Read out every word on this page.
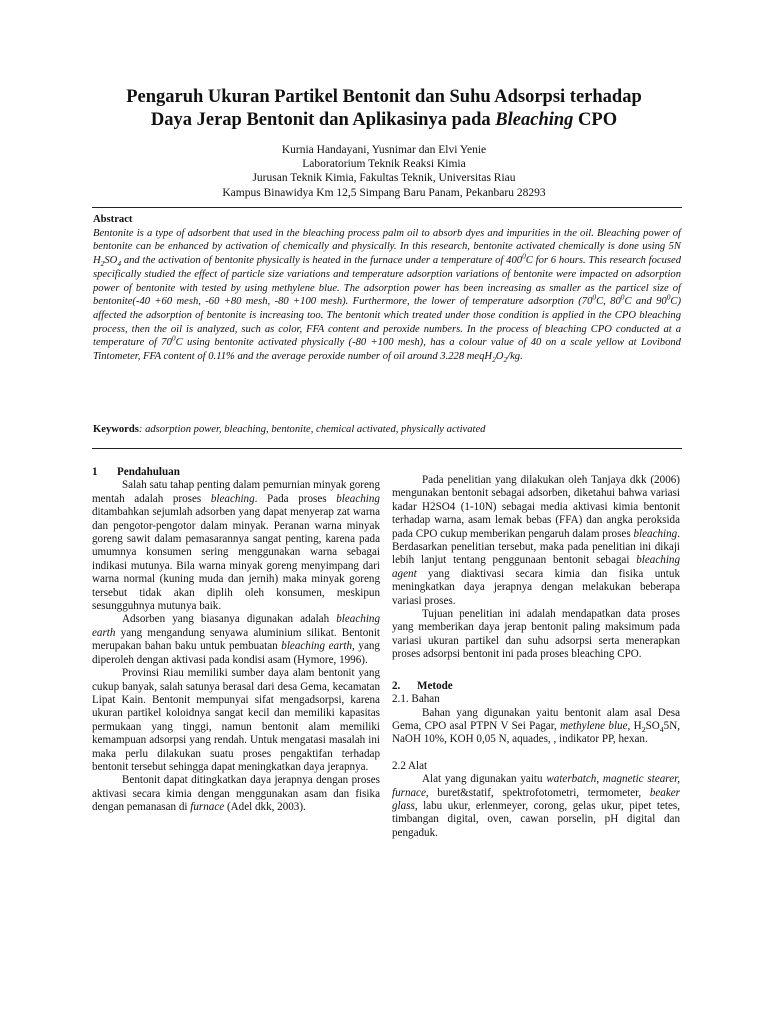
Pengaruh Ukuran Partikel Bentonit dan Suhu Adsorpsi terhadap
Daya Jerap Bentonit dan Aplikasinya pada Bleaching CPO
Kurnia Handayani, Yusnimar dan Elvi Yenie
Laboratorium Teknik Reaksi Kimia
Jurusan Teknik Kimia, Fakultas Teknik, Universitas Riau
Kampus Binawidya Km 12,5 Simpang Baru Panam, Pekanbaru 28293
Abstract
Bentonite is a type of adsorbent that used in the bleaching process palm oil to absorb dyes and impurities in the oil. Bleaching power of bentonite can be enhanced by activation of chemically and physically. In this research, bentonite activated chemically is done using 5N $H_2SO_4$ and the activation of bentonite physically is heated in the furnace under a temperature of $400^0C$ for 6 hours. This research focused specifically studied the effect of particle size variations and temperature adsorption variations of bentonite were impacted on adsorption power of bentonite with tested by using methylene blue. The adsorption power has been increasing as smaller as the particel size of bentonite(-40 +60 mesh, -60 +80 mesh, -80 +100 mesh). Furthermore, the lower of temperature adsorption ($70^0C$, $80^0C$ and $90^0C$) affected the adsorption of bentonite is increasing too. The bentonit which treated under those condition is applied in the CPO bleaching process, then the oil is analyzed, such as color, FFA content and peroxide numbers. In the process of bleaching CPO conducted at a temperature of $70^0C$ using bentonite activated physically (-80 +100 mesh), has a colour value of 40 on a scale yellow at Lovibond Tintometer, FFA content of 0.11% and the average peroxide number of oil around 3.228 $meqH_2O_2/kg$.
Keywords: adsorption power, bleaching, bentonite, chemical activated, physically activated

1 Pendahuluan

Salah satu tahap penting dalam pemurnian minyak goreng mentah adalah proses bleaching. Pada proses bleaching ditambahkan sejumlah adsorben yang dapat menyerap zat warna dan pengotor-pengotor dalam minyak. Peranan warna minyak goreng sawit dalam pemasarannya sangat penting, karena pada umumnya konsumen sering menggunakan warna sebagai indikasi mutunya. Bila warna minyak goreng menyimpang dari warna normal (kuning muda dan jernih) maka minyak goreng tersebut tidak akan diplih oleh konsumen, meskipun sesungguhnya mutunya baik.

Adsorben yang biasanya digunakan adalah bleaching earth yang mengandung senyawa aluminium silikat. Bentonit merupakan bahan baku untuk pembuatan bleaching earth, yang diperoleh dengan aktivasi pada kondisi asam (Hymore, 1996).

Provinsi Riau memiliki sumber daya alam bentonit yang cukup banyak, salah satunya berasal dari desa Gema, kecamatan Lipat Kain. Bentonit mempunyai sifat mengadsorpsi, karena ukuran partikel koloidnya sangat kecil dan memiliki kapasitas permukaan yang tinggi, namun bentonit alam memiliki kemampuan adsorpsi yang rendah. Untuk mengatasi masalah ini maka perlu dilakukan suatu proses pengaktifan terhadap bentonit tersebut sehingga dapat meningkatkan daya jerapnya.

Bentonit dapat ditingkatkan daya jerapnya dengan proses aktivasi secara kimia dengan menggunakan asam dan fisika dengan pemanasan di furnace (Adel dkk, 2003).

Pada penelitian yang dilakukan oleh Tanjaya dkk (2006) mengunakan bentonit sebagai adsorben, diketahui bahwa variasi kadar H2SO4 (1-10N) sebagai media aktivasi kimia bentonit terhadap warna, asam lemak bebas (FFA) dan angka peroksida pada CPO cukup memberikan pengaruh dalam proses bleaching. Berdasarkan penelitian tersebut, maka pada penelitian ini dikaji lebih lanjut tentang penggunaan bentonit sebagai bleaching agent yang diaktivasi secara kimia dan fisika untuk meningkatkan daya jerapnya dengan melakukan beberapa variasi proses.

Tujuan penelitian ini adalah mendapatkan data proses yang memberikan daya jerap bentonit paling maksimum pada variasi ukuran partikel dan suhu adsorpsi serta menerapkan proses adsorpsi bentonit ini pada proses bleaching CPO.

2. Metode

2.1. Bahan

Bahan yang digunakan yaitu bentonit alam asal Desa Gema, CPO asal PTPN V Sei Pagar, methylene blue, $H_2SO_45N$, NaOH 10%, KOH 0,05 N, aquades, , indikator PP, hexan.

2.2 Alat

Alat yang digunakan yaitu waterbatch, magnetic stearer, furnace, buret&statif, spektrofotometri, termometer, beaker glass, labu ukur, erlenmeyer, corong, gelas ukur, pipet tetes, timbangan digital, oven, cawan porselin, pH digital dan pengaduk.
